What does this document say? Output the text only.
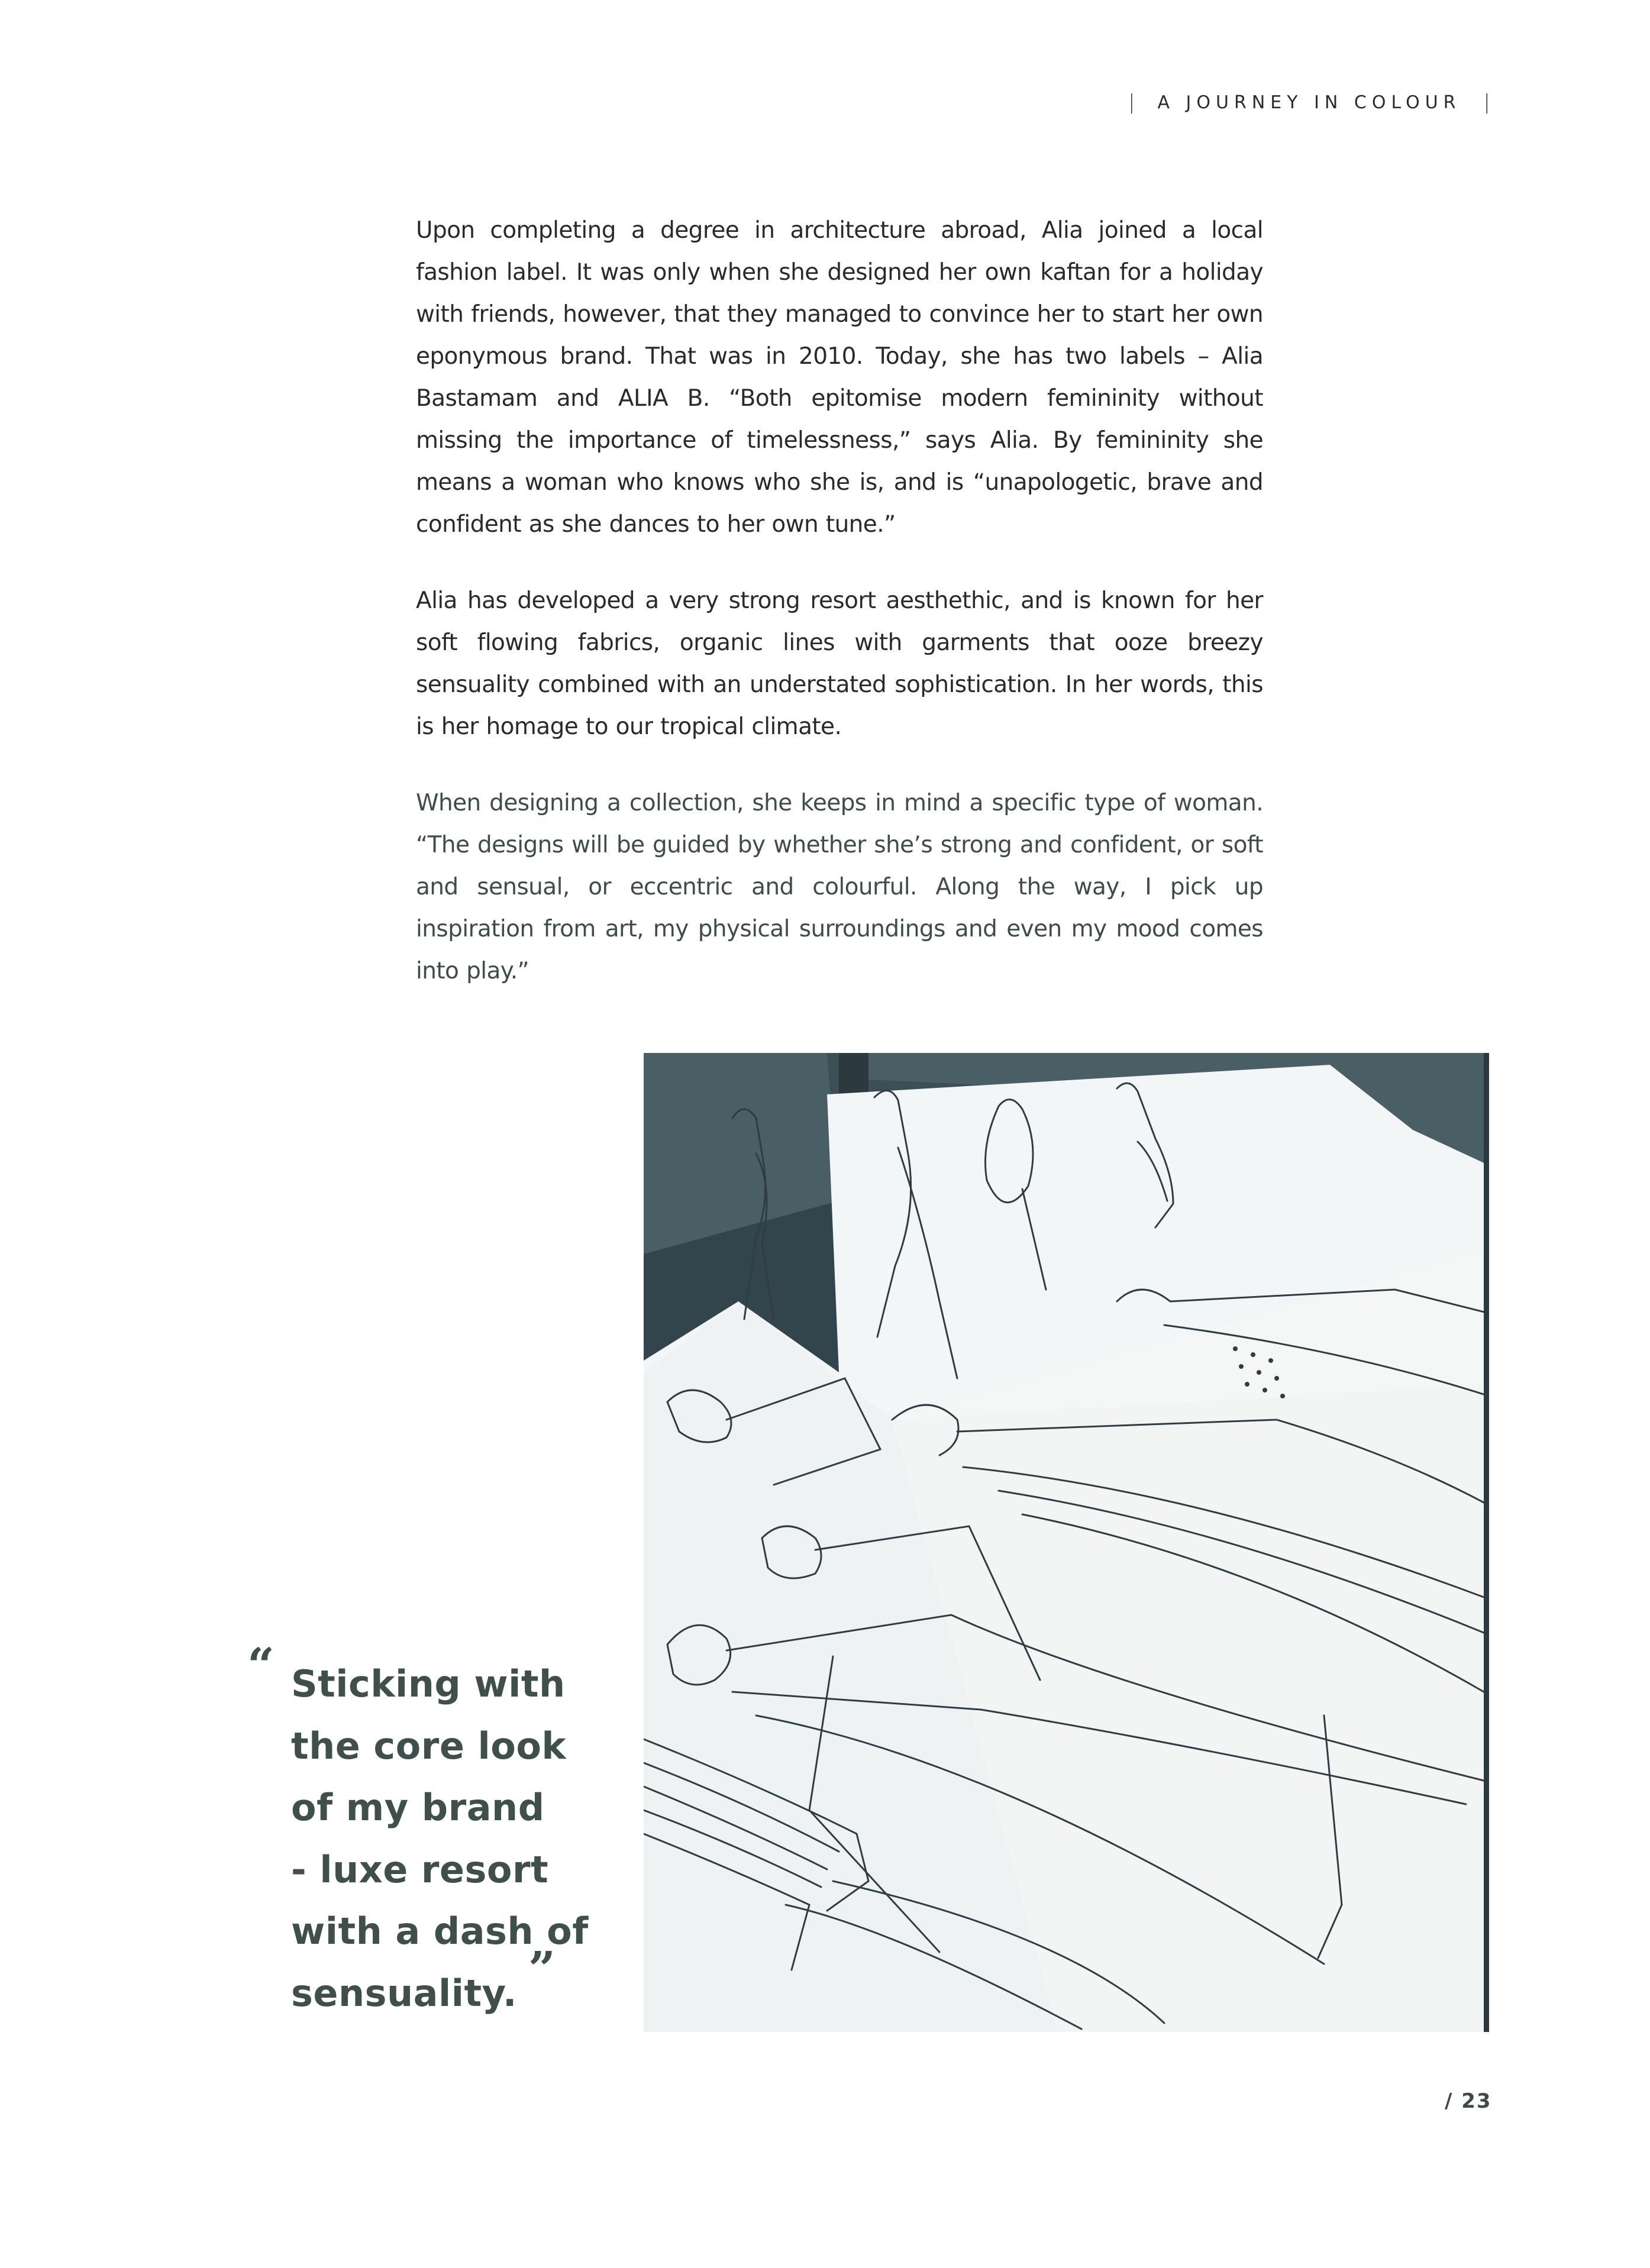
| A JOURNEY IN COLOUR |

Upon completing a degree in architecture abroad, Alia joined a local fashion label. It was only when she designed her own kaftan for a holiday with friends, however, that they managed to convince her to start her own eponymous brand. That was in 2010. Today, she has two labels – Alia Bastamam and ALIA B. “Both epitomise modern femininity without missing the importance of timelessness,” says Alia. By femininity she means a woman who knows who she is, and is “unapologetic, brave and confident as she dances to her own tune.”

Alia has developed a very strong resort aesthethic, and is known for her soft flowing fabrics, organic lines with garments that ooze breezy sensuality combined with an understated sophistication. In her words, this is her homage to our tropical climate.

When designing a collection, she keeps in mind a specific type of woman. “The designs will be guided by whether she’s strong and confident, or soft and sensual, or eccentric and colourful. Along the way, I pick up inspiration from art, my physical surroundings and even my mood comes into play.”

“ Sticking with
the core look
of my brand
- luxe resort
with a dash of
sensuality. ”
/ 23
